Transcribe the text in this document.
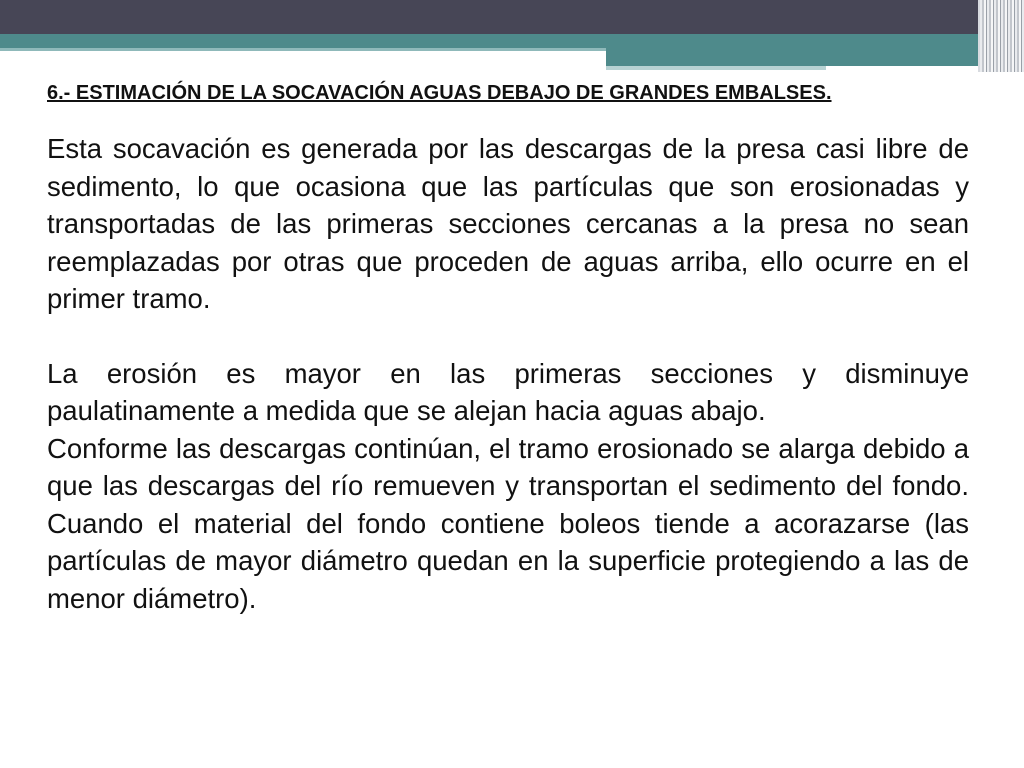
6.- ESTIMACIÓN DE LA SOCAVACIÓN AGUAS DEBAJO DE GRANDES EMBALSES.

Esta socavación es generada por las descargas de la presa casi libre de sedimento, lo que ocasiona que las partículas que son erosionadas y transportadas de las primeras secciones cercanas a la presa no sean reemplazadas por otras que proceden de aguas arriba, ello ocurre en el primer tramo.

La erosión es mayor en las primeras secciones y disminuye paulatinamente a medida que se alejan hacia aguas abajo.

Conforme las descargas continúan, el tramo erosionado se alarga debido a que las descargas del río remueven y transportan el sedimento del fondo. Cuando el material del fondo contiene boleos tiende a acorazarse (las partículas de mayor diámetro quedan en la superficie protegiendo a las de menor diámetro).
